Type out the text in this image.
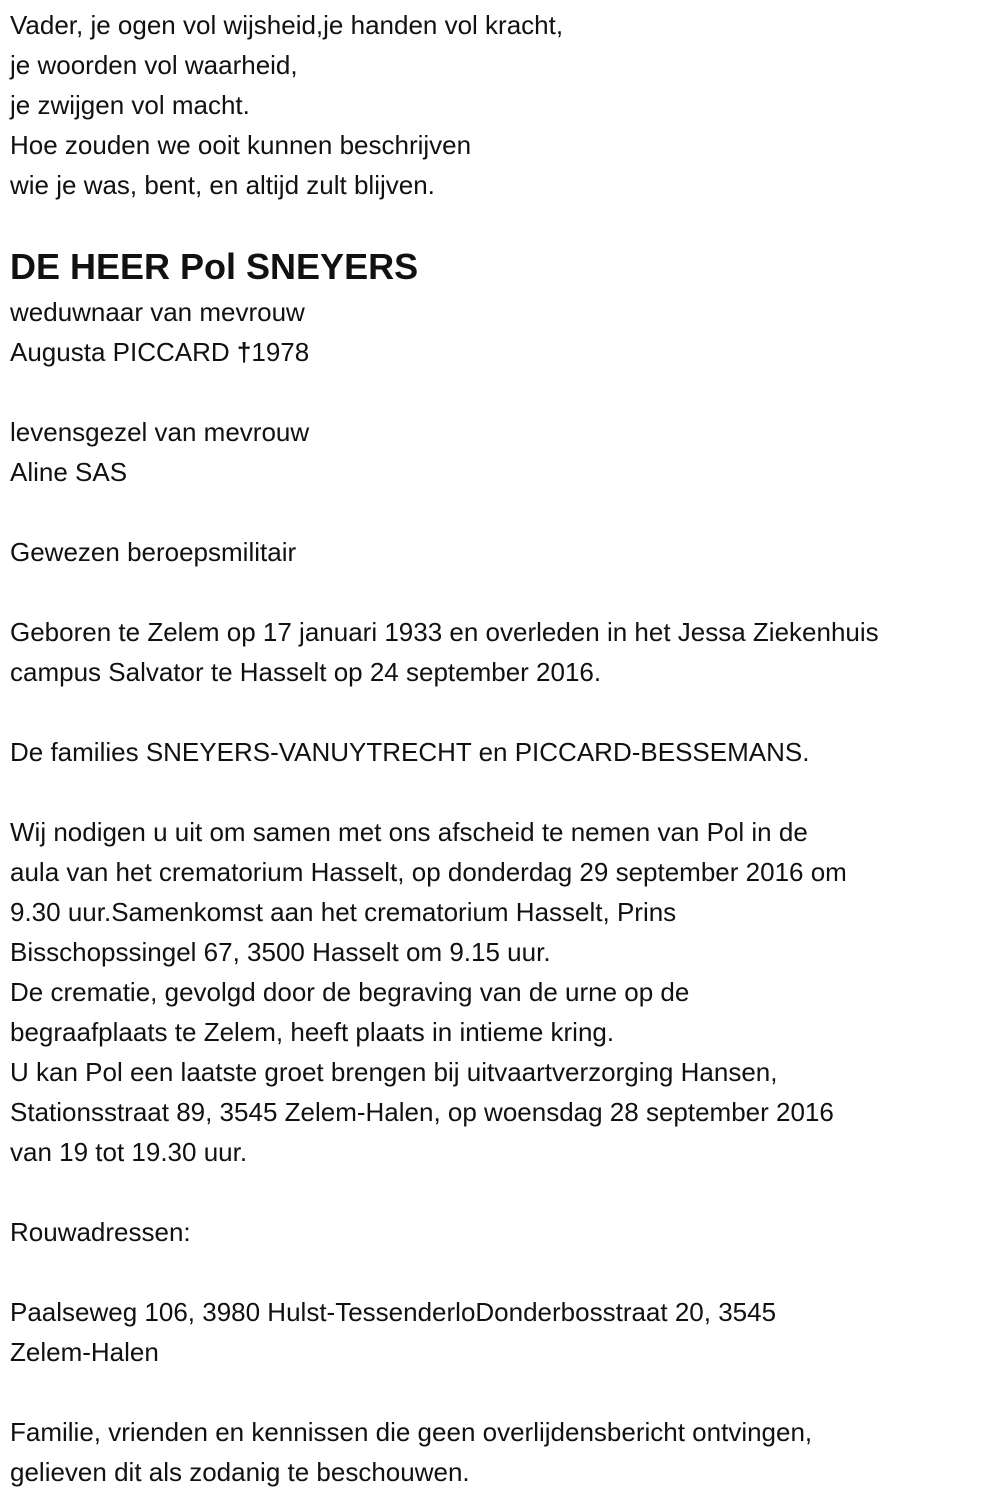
Vader, je ogen vol wijsheid,je handen vol kracht,
je woorden vol waarheid,
je zwijgen vol macht.
Hoe zouden we ooit kunnen beschrijven
wie je was, bent, en altijd zult blijven.
DE HEER Pol SNEYERS
weduwnaar van mevrouw
Augusta PICCARD †1978
levensgezel van mevrouw
Aline SAS
Gewezen beroepsmilitair
Geboren te Zelem op 17 januari 1933 en overleden in het Jessa Ziekenhuis
campus Salvator te Hasselt op 24 september 2016.
De families SNEYERS-VANUYTRECHT en PICCARD-BESSEMANS.
Wij nodigen u uit om samen met ons afscheid te nemen van Pol in de
aula van het crematorium Hasselt, op donderdag 29 september 2016 om
9.30 uur.Samenkomst aan het crematorium Hasselt, Prins
Bisschopssingel 67, 3500 Hasselt om 9.15 uur.
De crematie, gevolgd door de begraving van de urne op de
begraafplaats te Zelem, heeft plaats in intieme kring.
U kan Pol een laatste groet brengen bij uitvaartverzorging Hansen,
Stationsstraat 89, 3545 Zelem-Halen, op woensdag 28 september 2016
van 19 tot 19.30 uur.
Rouwadressen:
Paalseweg 106, 3980 Hulst-TessenderloDonderbosstraat 20, 3545
Zelem-Halen
Familie, vrienden en kennissen die geen overlijdensbericht ontvingen,
gelieven dit als zodanig te beschouwen.
